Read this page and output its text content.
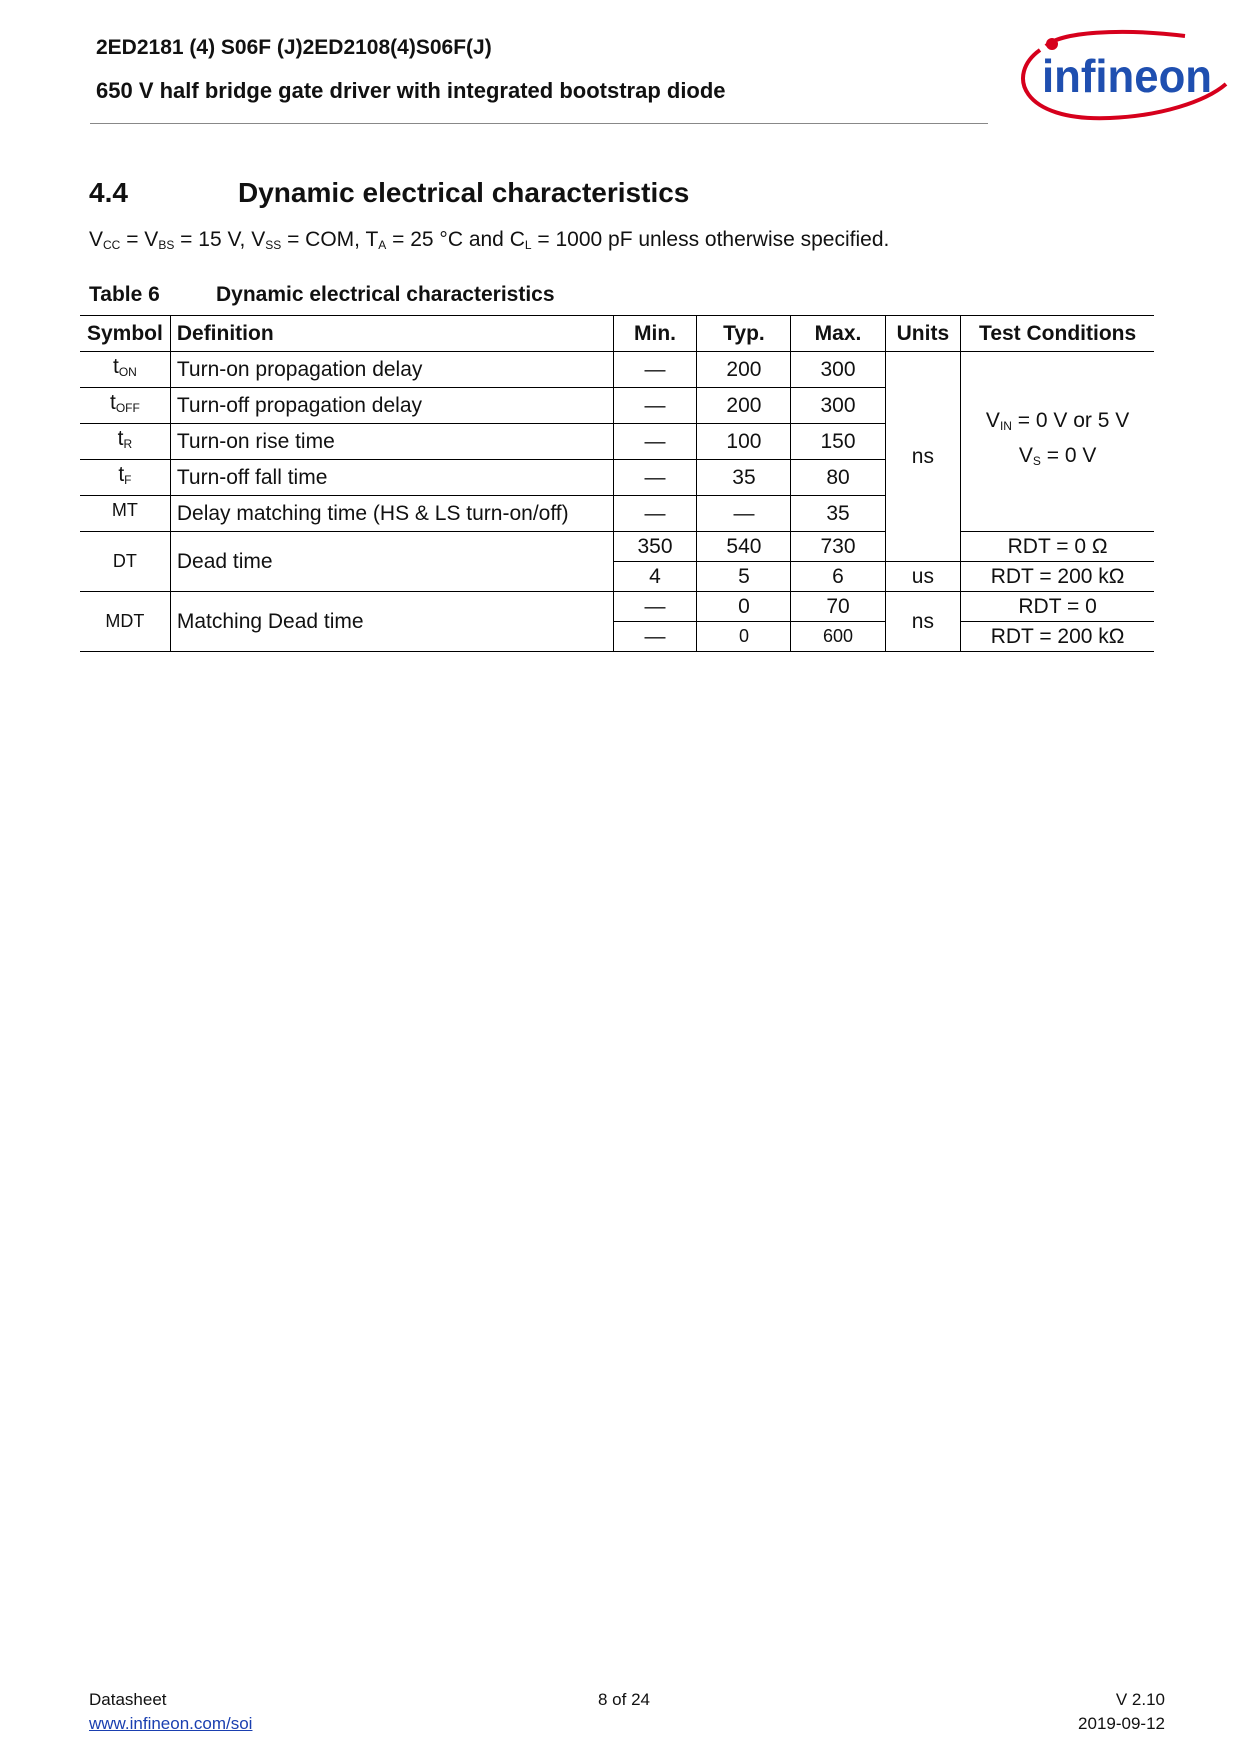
2ED2181 (4) S06F (J)2ED2108(4)S06F(J)
650 V half bridge gate driver with integrated bootstrap diode	infineon
4.4	Dynamic electrical characteristics
$V_{CC} = V_{BS} = 15$ V, $V_{SS}$ = COM, $T_A = 25$ °C and $C_L = 1000$ pF unless otherwise specified.
Table 6	Dynamic electrical characteristics
Symbol	Definition	Min.	Typ.	Max.	Units	Test Conditions
$t_{ON}$	Turn-on propagation delay	—	200	300	ns	$V_{IN} = 0$ V or 5 V
$V_S = 0$ V

$t_{OFF}$	Turn-off propagation delay	—	200	300		
$t_R$	Turn-on rise time	—	100	150		
$t_F$	Turn-off fall time	—	35	80		
MT	Delay matching time (HS & LS turn-on/off)	—	—	35		
DT	Dead time	350	540	730		RDT = 0 Ω
		4	5	6	us	RDT = 200 kΩ
MDT	Matching Dead time	—	0	70	ns	RDT = 0
		—	0	600		RDT = 200 kΩ
Datasheet
www.infineon.com/soi
8 of 24	V 2.10
2019-09-12
